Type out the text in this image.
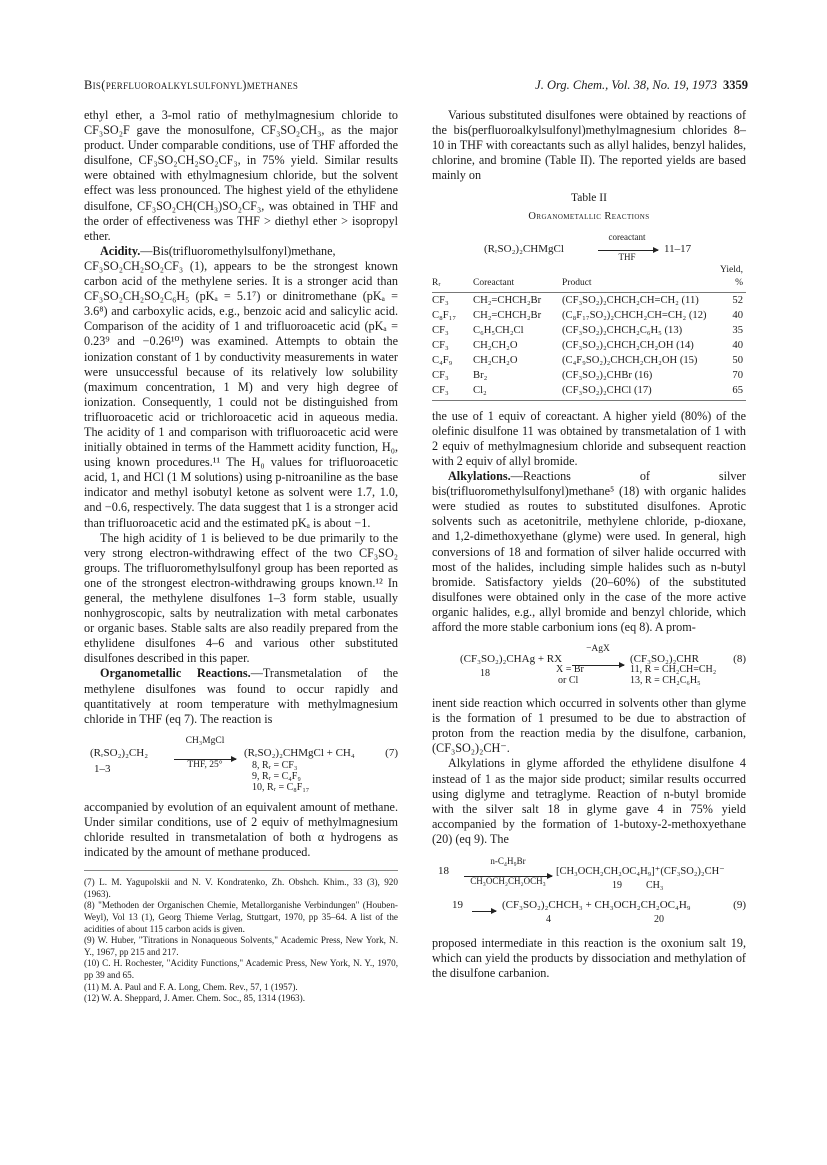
Bis(perfluoroalkylsulfonyl)methanes	J. Org. Chem., Vol. 38, No. 19, 1973 3359

ethyl ether, a 3-mol ratio of methylmagnesium chloride to CF₃SO₂F gave the monosulfone, CF₃SO₂CH₃, as the major product. Under comparable conditions, use of THF afforded the disulfone, CF₃SO₂CH₂SO₂CF₃, in 75% yield. Similar results were obtained with ethylmagnesium chloride, but the solvent effect was less pronounced. The highest yield of the ethylidene disulfone, CF₃SO₂CH(CH₃)SO₂CF₃, was obtained in THF and the order of effectiveness was THF > diethyl ether > isopropyl ether.

Acidity.—Bis(trifluoromethylsulfonyl)methane, CF₃SO₂CH₂SO₂CF₃ (1), appears to be the strongest known carbon acid of the methylene series. It is a stronger acid than CF₃SO₂CH₂SO₂C₆H₅ (pKₐ = 5.1⁷) or dinitromethane (pKₐ = 3.6⁸) and carboxylic acids, e.g., benzoic acid and salicylic acid. Comparison of the acidity of 1 and trifluoroacetic acid (pKₐ = 0.23⁹ and −0.26¹⁰) was examined. Attempts to obtain the ionization constant of 1 by conductivity measurements in water were unsuccessful because of its relatively low solubility (maximum concentration, 1 M) and very high degree of ionization. Consequently, 1 could not be distinguished from trifluoroacetic acid or trichloroacetic acid in aqueous media. The acidity of 1 and comparison with trifluoroacetic acid were initially obtained in terms of the Hammett acidity function, H₀, using known procedures.¹¹ The H₀ values for trifluoroacetic acid, 1, and HCl (1 M solutions) using p-nitroaniline as the base indicator and methyl isobutyl ketone as solvent were 1.7, 1.0, and −0.6, respectively. The data suggest that 1 is a stronger acid than trifluoroacetic acid and the estimated pKₐ is about −1.

The high acidity of 1 is believed to be due primarily to the very strong electron-withdrawing effect of the two CF₃SO₂ groups. The trifluoromethylsulfonyl group has been reported as one of the strongest electron-withdrawing groups known.¹² In general, the methylene disulfones 1–3 form stable, usually nonhygroscopic, salts by neutralization with metal carbonates or organic bases. Stable salts are also readily prepared from the ethylidene disulfones 4–6 and various other substituted disulfones described in this paper.

Organometallic Reactions.—Transmetalation of the methylene disulfones was found to occur rapidly and quantitatively at room temperature with methylmagnesium chloride in THF (eq 7). The reaction is

(RᵣSO₂)₂CH₂
1–3
CH₃MgCl
THF, 25°
(RᵣSO₂)₂CHMgCl + CH₄
8, Rᵣ = CF₃
9, Rᵣ = C₄F₉
10, Rᵣ = C₈F₁₇
(7)

accompanied by evolution of an equivalent amount of methane. Under similar conditions, use of 2 equiv of methylmagnesium chloride resulted in transmetalation of both α hydrogens as indicated by the amount of methane produced.

(7) L. M. Yagupolskii and N. V. Kondratenko, Zh. Obshch. Khim., 33 (3), 920 (1963).
(8) "Methoden der Organischen Chemie, Metallorganishe Verbindungen" (Houben-Weyl), Vol 13 (1), Georg Thieme Verlag, Stuttgart, 1970, pp 35–64. A list of the acidities of about 115 carbon acids is given.
(9) W. Huber, "Titrations in Nonaqueous Solvents," Academic Press, New York, N. Y., 1967, pp 215 and 217.
(10) C. H. Rochester, "Acidity Functions," Academic Press, New York, N. Y., 1970, pp 39 and 65.
(11) M. A. Paul and F. A. Long, Chem. Rev., 57, 1 (1957).
(12) W. A. Sheppard, J. Amer. Chem. Soc., 85, 1314 (1963).

Various substituted disulfones were obtained by reactions of the bis(perfluoroalkylsulfonyl)methylmagnesium chlorides 8–10 in THF with coreactants such as allyl halides, benzyl halides, chlorine, and bromine (Table II). The reported yields are based mainly on

Table II
Organometallic Reactions
(RᵣSO₂)₂CHMgCl
coreactant
THF
11–17
Rᵣ	Coreactant	Product	Yield, %
CF₃	CH₂=CHCH₂Br	(CF₃SO₂)₂CHCH₂CH=CH₂ (11)	52
C₈F₁₇	CH₂=CHCH₂Br	(C₈F₁₇SO₂)₂CHCH₂CH=CH₂ (12)	40
CF₃	C₆H₅CH₂Cl	(CF₃SO₂)₂CHCH₂C₆H₅ (13)	35
CF₃	CH₂CH₂O	(CF₃SO₂)₂CHCH₂CH₂OH (14)	40
C₄F₉	CH₂CH₂O	(C₄F₉SO₂)₂CHCH₂CH₂OH (15)	50
CF₃	Br₂	(CF₃SO₂)₂CHBr (16)	70
CF₃	Cl₂	(CF₃SO₂)₂CHCl (17)	65

the use of 1 equiv of coreactant. A higher yield (80%) of the olefinic disulfone 11 was obtained by transmetalation of 1 with 2 equiv of methylmagnesium chloride and subsequent reaction with 2 equiv of allyl bromide.

Alkylations.—Reactions of silver bis(trifluoromethylsulfonyl)methane⁵ (18) with organic halides were studied as routes to substituted disulfones. Aprotic solvents such as acetonitrile, methylene chloride, p-dioxane, and 1,2-dimethoxyethane (glyme) were used. In general, high conversions of 18 and formation of silver halide occurred with most of the halides, including simple halides such as n-butyl bromide. Satisfactory yields (20–60%) of the substituted disulfones were obtained only in the case of the more active organic halides, e.g., allyl bromide and benzyl chloride, which afford the more stable carbonium ions (eq 8). A prom-

(CF₃SO₂)₂CHAg + RX
18
−AgX
X = Br
or Cl
(CF₃SO₂)₂CHR
11, R = CH₂CH=CH₂
13, R = CH₂C₆H₅
(8)

inent side reaction which occurred in solvents other than glyme is the formation of 1 presumed to be due to abstraction of proton from the reaction media by the disulfone, carbanion, (CF₃SO₂)₂CH⁻.

Alkylations in glyme afforded the ethylidene disulfone 4 instead of 1 as the major side product; similar results occurred using diglyme and tetraglyme. Reaction of n-butyl bromide with the silver salt 18 in glyme gave 4 in 75% yield accompanied by the formation of 1-butoxy-2-methoxyethane (20) (eq 9). The

18
n-C₄H₉Br
CH₃OCH₂CH₂OCH₃
[CH₃OCH₂CH₂OC₄H₉]⁺(CF₃SO₂)₂CH⁻
CH₃
19
19	(CF₃SO₂)₂CHCH₃ + CH₃OCH₂CH₂OC₄H₉
4	20
(9)

proposed intermediate in this reaction is the oxonium salt 19, which can yield the products by dissociation and methylation of the disulfone carbanion.
